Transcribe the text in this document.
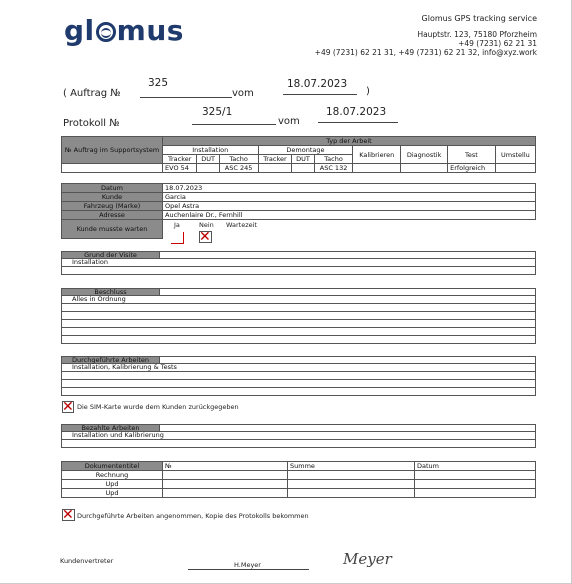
gl mus	Glomus GPS tracking service
Hauptstr. 123, 75180 Pforzheim
+49 (7231) 62 21 31
+49 (7231) 62 21 31, +49 (7231) 62 21 32, info@xyz.work
( Auftrag №
325
vom
18.07.2023
)
Protokoll №
325/1
vom
18.07.2023
№ Auftrag im Supportsystem	Typ der Arbeit									
	Installation			Demontage			Kalibrieren	Diagnostik	Test	Umstellu
	Tracker	DUT	Tacho	Tracker	DUT	Tacho				
	EVO 54		ASC 245			ASC 132			Erfolgreich	
Datum	18.07.2023
Kunde	Garcia
Fahrzeug (Marke)	Opel Astra
Adresse	Auchenlaire Dr., Fernhill
Kunde musste warten		Ja	Nein Wartezeit
✕
Grund der Visite
Installation
Beschluss
Alles in Ordnung
Durchgeführte Arbeiten
Installation, Kalibrierung & Tests
✕ Die SIM-Karte wurde dem Kunden zurückgegeben
Bezahlte Arbeiten
Installation und Kalibrierung
Dokumententitel	№	Summe	Datum
Rechnung			
Upd			
Upd			
✕ Durchgeführte Arbeiten angenommen, Kopie des Protokolls bekommen
Kundenvertreter	H.Meyer	Meyer
